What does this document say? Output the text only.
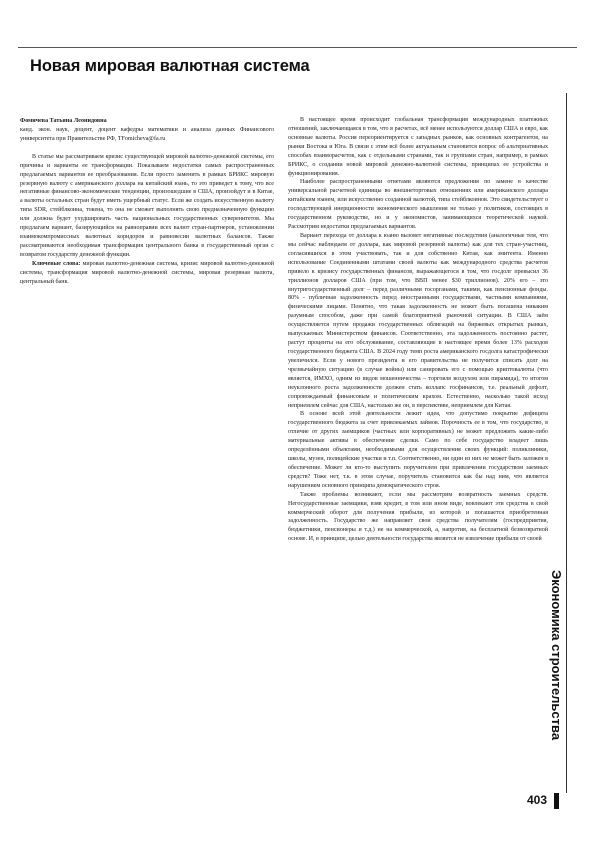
Новая мировая валютная система

Фомичева Татьяна Леонидовна

канд. экон. наук, доцент, доцент кафедры математики и анализа данных Финансового университета при Правительстве РФ, TFomicheva@fa.ru

В статье мы рассматриваем кризис существующей мировой валютно-денежной системы, его причины и варианты ее трансформации. Показываем недостатки самых распространенных предлагаемых вариантов ее преобразования. Если просто заменить в рамках БРИКС мировую резервную валюту с американского доллара на китайский юань, то это приведет к тому, что все негативные финансово-экономические тенденции, произошедшие в США, произойдут и в Китае, а валюты остальных стран будут иметь ущербный статус. Если же создать искусственную валюту типа SDR, стейблкоина, токена, то она не сможет выполнять свою предназначенную функцию или должна будет ухудшировать часть национальных государственных суверенитетов. Мы предлагаем вариант, базирующийся на равноправии всех валют стран-партнеров, установлении взаимокомпромиссных валютных коридоров и равновесии валютных балансов. Также рассматриваются необходимая трансформация центрального банка в государственный орган с возвратом государству денежной функции.

Ключевые слова: мировая валютно-денежная система, кризис мировой валютно-денежной системы, трансформация мировой валютно-денежной системы, мировая резервная валюта, центральный банк.

В настоящее время происходит глобальная трансформация международных платежных отношений, заключающаяся в том, что в расчетах, всё менее используются доллар США и евро, как основные валюты. Россия переориентируется с западных рынков, как основных контрагентов, на рынки Востока и Юга. В связи с этим всё более актуальным становится вопрос об альтернативных способах взаиморасчетов, как с отдельными странами, так и группами стран, например, в рамках БРИКС, о создании новой мировой денежно-валютной системы, принципах ее устройства и функционирования.

Наиболее распространенными ответами являются предложения по замене в качестве универсальной расчетной единицы во внешнеторговых отношениях или американского доллара китайским юанем, или искусственно созданной валютой, типа стейблкоинов. Это свидетельствует о господствующей инерционности экономического мышления не только у политиков, состоящих в государственном руководстве, но и у экономистов, занимающихся теоретической наукой. Рассмотрим недостатки предлагаемых вариантов.

Вариант перехода от доллара к юаню вызовет негативные последствия (аналогичные тем, что мы сейчас наблюдаем от доллара, как мировой резервной валюты) как для тех стран-участниц, согласившихся в этом участвовать, так и для собственно Китая, как эмитента. Именно использование Соединенными штатами своей валюты как международного средства расчетов привело к кризису государственных финансов, выражающегося в том, что госдолг превысил 36 триллионов долларов США (при том, что ВВП менее $30 триллионов). 20% его – это внутригосударственный долг – перед различными госорганами, такими, как пенсионные фонды. 80% - публичная задолженность перед иностранными государствами, частными компаниями, физическими лицами. Понятно, что такая задолженность не может быть погашена никаким разумным способом, даже при самой благоприятной рыночной ситуации. В США заём осуществляется путем продажи государственных облигаций на биржевых открытых рынках, выпускаемых Министерством финансов. Соответственно, эта задолженность постоянно растет, растут проценты на его обслуживание, составляющие в настоящее время более 13% расходов государственного бюджета США. В 2024 году темп роста американского госдолга катастрофически увеличился. Если у нового президента и его правительства не получится списать долг на чрезвычайную ситуацию (в случае войны) или санировать его с помощью криптовалюты (что является, ИМХО, одним из видов мошенничества – торговля воздухом или пирамида), то итогом неуклонного роста задолженности должен стать коллапс госфинансов, т.е. реальный дефолт, сопровождаемый финансовым и политическим крахом. Естественно, насколько такой исход неприемлем сейчас для США, настолько же он, в перспективе, неприемлем для Китая.

В основе всей этой деятельности лежит идея, что допустимо покрытие дефицита государственного бюджета за счет привлекаемых займов. Порочность ее в том, что государство, в отличие от других заемщиков (частных или корпоративных) не может предложить какие-либо материальные активы в обеспечение сделки. Само по себе государство владеет лишь определёнными объектами, необходимыми для осуществления своих функций: поликлиники, школы, музеи, полицейские участки и т.п. Соответственно, ни один из них не может быть заложен в обеспечение. Может ли кто-то выступить поручителем при привлечении государством заемных средств? Тоже нет, т.к. в этом случае, поручитель становится как бы над ним, что является нарушением основного принципа демократического строя.

Также проблемы возникают, если мы рассмотрим возвратность заемных средств. Негосударственные заемщики, взяв кредит, в том или ином виде, вовлекают эти средства в свой коммерческий оборот для получения прибыли, из которой и погашается приобретенная задолженность. Государство же направляет свои средства получателям (госпредприятия, бюджетники, пенсионеры и т.д.) не на коммерческой, а, напротив, на бесплатной безвозвратной основе. И, в принципе, целью деятельности государства является не извлечение прибыли от своей

Экономика строительства
403
